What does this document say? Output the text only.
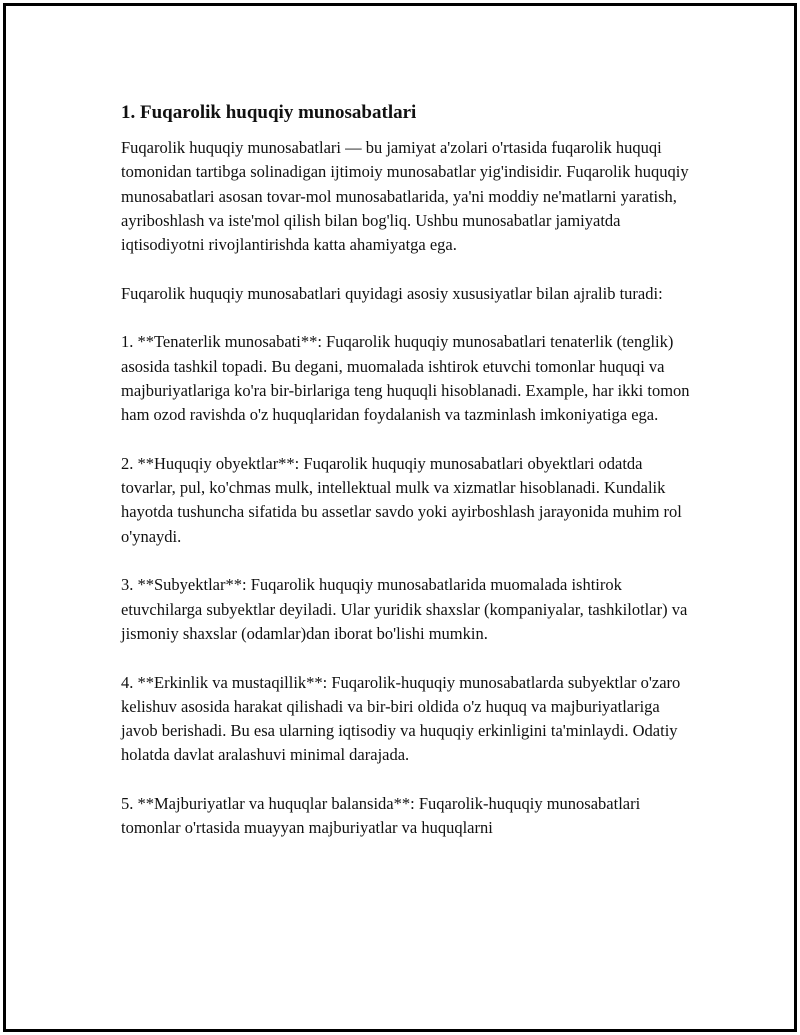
1. Fuqarolik huquqiy munosabatlari

Fuqarolik huquqiy munosabatlari — bu jamiyat a'zolari o'rtasida fuqarolik huquqi tomonidan tartibga solinadigan ijtimoiy munosabatlar yig'indisidir. Fuqarolik huquqiy munosabatlari asosan tovar-mol munosabatlarida, ya'ni moddiy ne'matlarni yaratish, ayriboshlash va iste'mol qilish bilan bog'liq. Ushbu munosabatlar jamiyatda iqtisodiyotni rivojlantirishda katta ahamiyatga ega.

Fuqarolik huquqiy munosabatlari quyidagi asosiy xususiyatlar bilan ajralib turadi:

1. **Tenaterlik munosabati**: Fuqarolik huquqiy munosabatlari tenaterlik (tenglik) asosida tashkil topadi. Bu degani, muomalada ishtirok etuvchi tomonlar huquqi va majburiyatlariga ko'ra bir-birlariga teng huquqli hisoblanadi. Example, har ikki tomon ham ozod ravishda o'z huquqlaridan foydalanish va tazminlash imkoniyatiga ega.

2. **Huquqiy obyektlar**: Fuqarolik huquqiy munosabatlari obyektlari odatda tovarlar, pul, ko'chmas mulk, intellektual mulk va xizmatlar hisoblanadi. Kundalik hayotda tushuncha sifatida bu assetlar savdo yoki ayirboshlash jarayonida muhim rol o'ynaydi.

3. **Subyektlar**: Fuqarolik huquqiy munosabatlarida muomalada ishtirok etuvchilarga subyektlar deyiladi. Ular yuridik shaxslar (kompaniyalar, tashkilotlar) va jismoniy shaxslar (odamlar)dan iborat bo'lishi mumkin.

4. **Erkinlik va mustaqillik**: Fuqarolik-huquqiy munosabatlarda subyektlar o'zaro kelishuv asosida harakat qilishadi va bir-biri oldida o'z huquq va majburiyatlariga javob berishadi. Bu esa ularning iqtisodiy va huquqiy erkinligini ta'minlaydi. Odatiy holatda davlat aralashuvi minimal darajada.

5. **Majburiyatlar va huquqlar balansida**: Fuqarolik-huquqiy munosabatlari tomonlar o'rtasida muayyan majburiyatlar va huquqlarni
